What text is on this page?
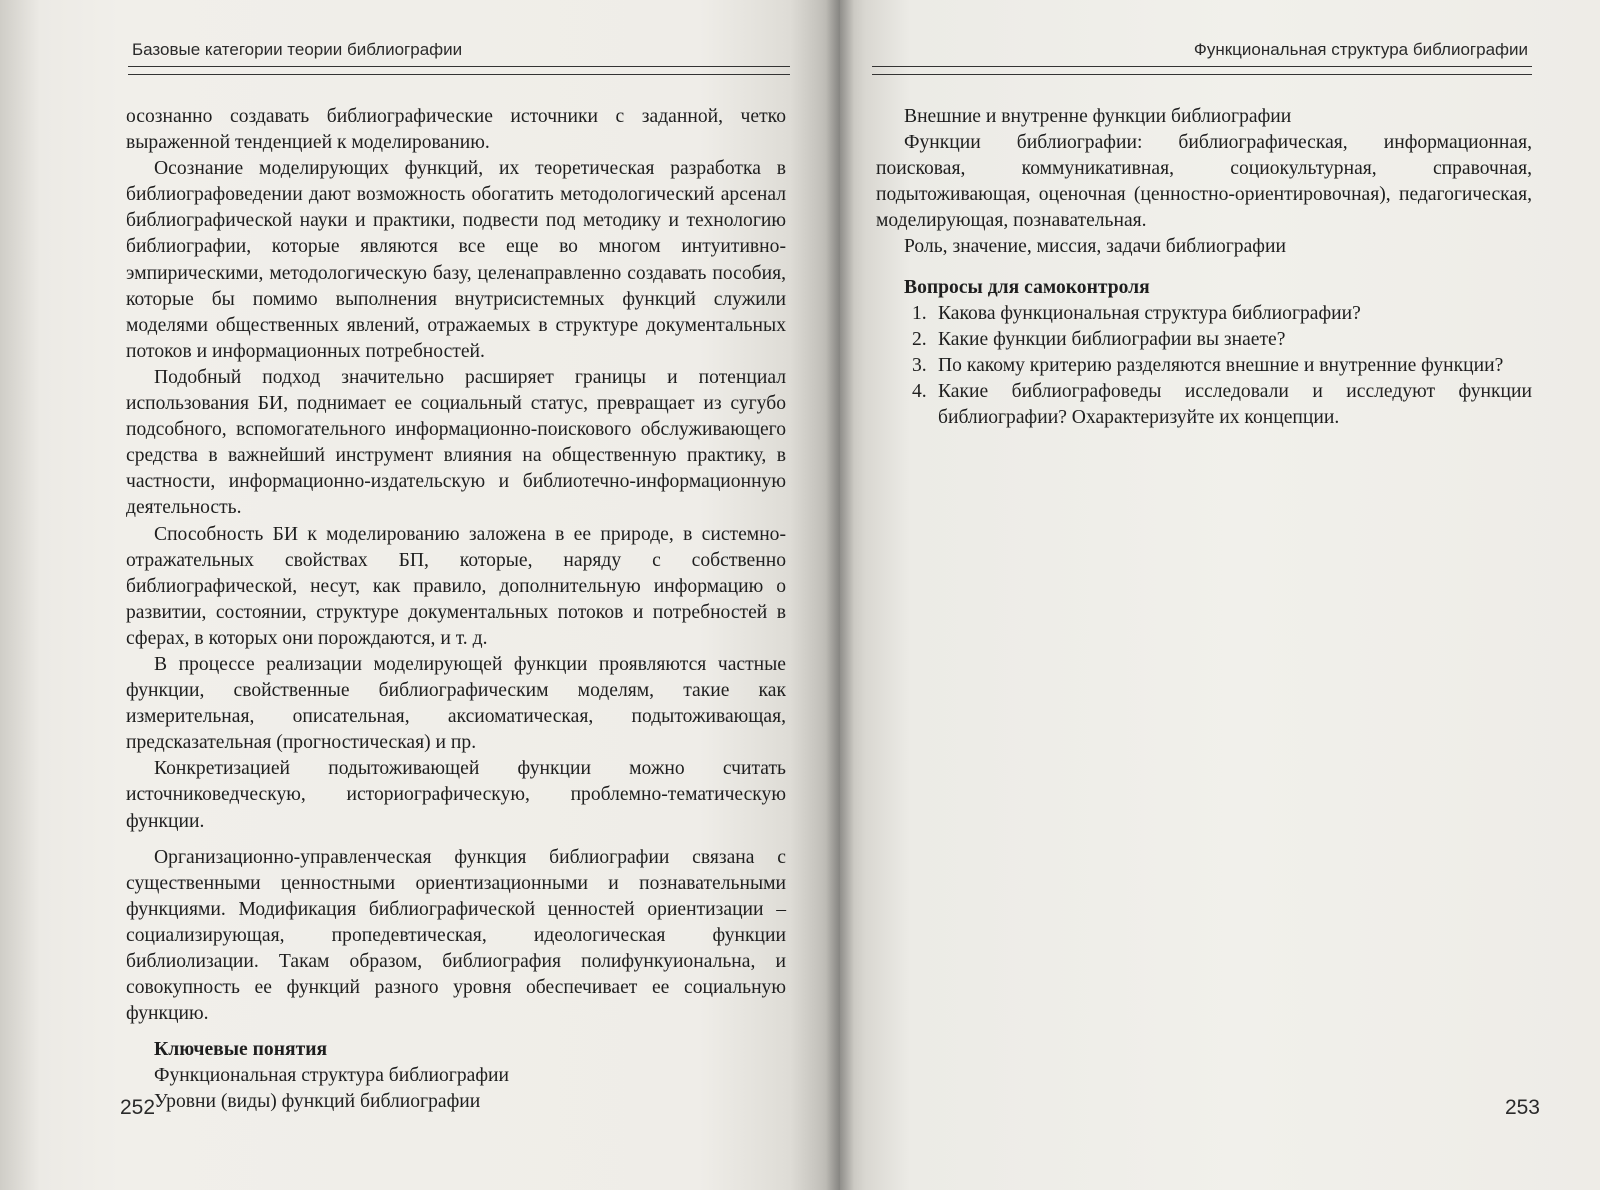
Базовые категории теории библиографии

осознанно создавать библиографические источники с заданной, четко выраженной тенденцией к моделированию.

Осознание моделирующих функций, их теоретическая разработка в библиографоведении дают возможность обогатить методологический арсенал библиографической науки и практики, подвести под методику и технологию библиографии, которые являются все еще во многом интуитивно-эмпирическими, методологическую базу, целенаправленно создавать пособия, которые бы помимо выполнения внутрисистемных функций служили моделями общественных явлений, отражаемых в структуре документальных потоков и информационных потребностей.

Подобный подход значительно расширяет границы и потенциал использования БИ, поднимает ее социальный статус, превращает из сугубо подсобного, вспомогательного информационно-поискового обслуживающего средства в важнейший инструмент влияния на общественную практику, в частности, информационно-издательскую и библиотечно-информационную деятельность.

Способность БИ к моделированию заложена в ее природе, в системно-отражательных свойствах БП, которые, наряду с собственно библиографической, несут, как правило, дополнительную информацию о развитии, состоянии, структуре документальных потоков и потребностей в сферах, в которых они порождаются, и т. д.

В процессе реализации моделирующей функции проявляются частные функции, свойственные библиографическим моделям, такие как измерительная, описательная, аксиоматическая, подытоживающая, предсказательная (прогностическая) и пр.

Конкретизацией подытоживающей функции можно считать источниковедческую, историографическую, проблемно-тематическую функции.

Организационно-управленческая функция библиографии связана с существенными ценностными ориентизационными и познавательными функциями. Модификация библиографической ценностей ориентизации – социализирующая, пропедевтическая, идеологическая функции библиолизации. Такам образом, библиография полифункуиональна, и совокупность ее функций разного уровня обеспечивает ее социальную функцию.

Ключевые понятия

Функциональная структура библиографии

Уровни (виды) функций библиографии

252
Функциональная структура библиографии

Внешние и внутренне функции библиографии

Функции библиографии: библиографическая, информационная, поисковая, коммуникативная, социокультурная, справочная, подытоживающая, оценочная (ценностно-ориентировочная), педагогическая, моделирующая, познавательная.

Роль, значение, миссия, задачи библиографии

Вопросы для самоконтроля

1. Какова функциональная структура библиографии?
2. Какие функции библиографии вы знаете?
3. По какому критерию разделяются внешние и внутренние функции?
4. Какие библиографоведы исследовали и исследуют функции библиографии? Охарактеризуйте их концепции.
253
